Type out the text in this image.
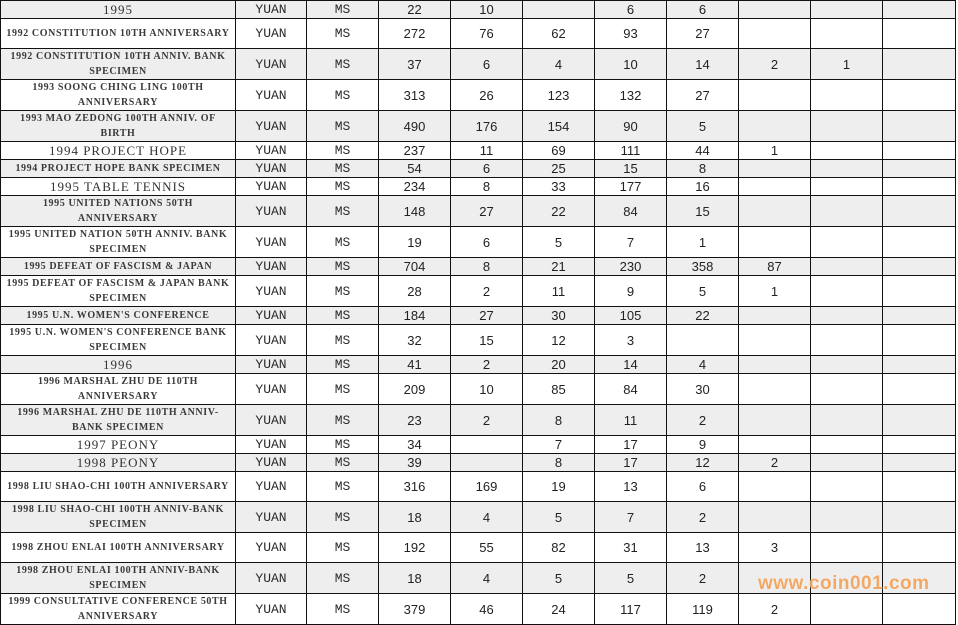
1995	YUAN	MS	22	10		6	6			

1992 CONSTITUTION 10TH ANNIVERSARY	YUAN	MS	272	76	62	93	27			

1992 CONSTITUTION 10TH ANNIV. BANK SPECIMEN	YUAN	MS	37	6	4	10	14	2	1	

1993 SOONG CHING LING 100TH ANNIVERSARY	YUAN	MS	313	26	123	132	27			

1993 MAO ZEDONG 100TH ANNIV. OF BIRTH	YUAN	MS	490	176	154	90	5			
1994 PROJECT HOPE	YUAN	MS	237	11	69	111	44	1		
1994 PROJECT HOPE BANK SPECIMEN	YUAN	MS	54	6	25	15	8			
1995 TABLE TENNIS	YUAN	MS	234	8	33	177	16			

1995 UNITED NATIONS 50TH ANNIVERSARY	YUAN	MS	148	27	22	84	15			

1995 UNITED NATION 50TH ANNIV. BANK SPECIMEN	YUAN	MS	19	6	5	7	1			
1995 DEFEAT OF FASCISM & JAPAN	YUAN	MS	704	8	21	230	358	87		

1995 DEFEAT OF FASCISM & JAPAN BANK SPECIMEN	YUAN	MS	28	2	11	9	5	1		
1995 U.N. WOMEN'S CONFERENCE	YUAN	MS	184	27	30	105	22			

1995 U.N. WOMEN'S CONFERENCE BANK SPECIMEN	YUAN	MS	32	15	12	3				
1996	YUAN	MS	41	2	20	14	4			

1996 MARSHAL ZHU DE 110TH ANNIVERSARY	YUAN	MS	209	10	85	84	30			

1996 MARSHAL ZHU DE 110TH ANNIV-BANK SPECIMEN	YUAN	MS	23	2	8	11	2			
1997 PEONY	YUAN	MS	34		7	17	9			
1998 PEONY	YUAN	MS	39		8	17	12	2		

1998 LIU SHAO-CHI 100TH ANNIVERSARY	YUAN	MS	316	169	19	13	6			

1998 LIU SHAO-CHI 100TH ANNIV-BANK SPECIMEN	YUAN	MS	18	4	5	7	2			

1998 ZHOU ENLAI 100TH ANNIVERSARY	YUAN	MS	192	55	82	31	13	3		

1998 ZHOU ENLAI 100TH ANNIV-BANK SPECIMEN	YUAN	MS	18	4	5	5	2			

1999 CONSULTATIVE CONFERENCE 50TH ANNIVERSARY	YUAN	MS	379	46	24	117	119	2		
www.coin001.com
